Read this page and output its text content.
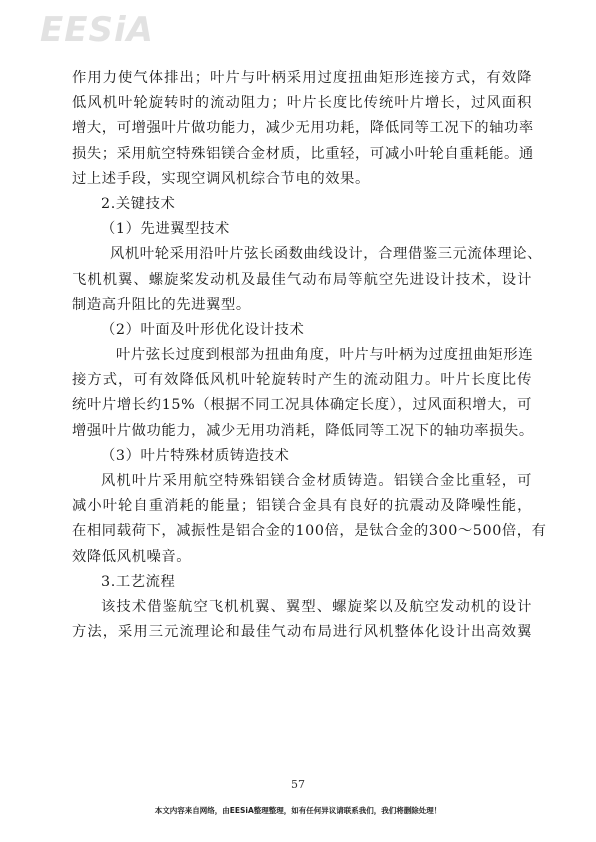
EESiA
作用力使气体排出；叶片与叶柄采用过度扭曲矩形连接方式，有效降
低风机叶轮旋转时的流动阻力；叶片长度比传统叶片增长，过风面积
增大，可增强叶片做功能力，减少无用功耗，降低同等工况下的轴功率
损失；采用航空特殊铝镁合金材质，比重轻，可减小叶轮自重耗能。通
过上述手段，实现空调风机综合节电的效果。
2.关键技术
（1）先进翼型技术
风机叶轮采用沿叶片弦长函数曲线设计，合理借鉴三元流体理论、
飞机机翼、螺旋桨发动机及最佳气动布局等航空先进设计技术，设计
制造高升阻比的先进翼型。
（2）叶面及叶形优化设计技术
叶片弦长过度到根部为扭曲角度，叶片与叶柄为过度扭曲矩形连
接方式，可有效降低风机叶轮旋转时产生的流动阻力。叶片长度比传
统叶片增长约15%（根据不同工况具体确定长度），过风面积增大，可
增强叶片做功能力，减少无用功消耗，降低同等工况下的轴功率损失。
（3）叶片特殊材质铸造技术
风机叶片采用航空特殊铝镁合金材质铸造。铝镁合金比重轻，可
减小叶轮自重消耗的能量；铝镁合金具有良好的抗震动及降噪性能，
在相同载荷下，减振性是铝合金的100倍，是钛合金的300～500倍，有
效降低风机噪音。
3.工艺流程
该技术借鉴航空飞机机翼、翼型、螺旋桨以及航空发动机的设计
方法，采用三元流理论和最佳气动布局进行风机整体化设计出高效翼
57
本文内容来自网络，由EESiA整理整理，如有任何异议请联系我们，我们将删除处理！
